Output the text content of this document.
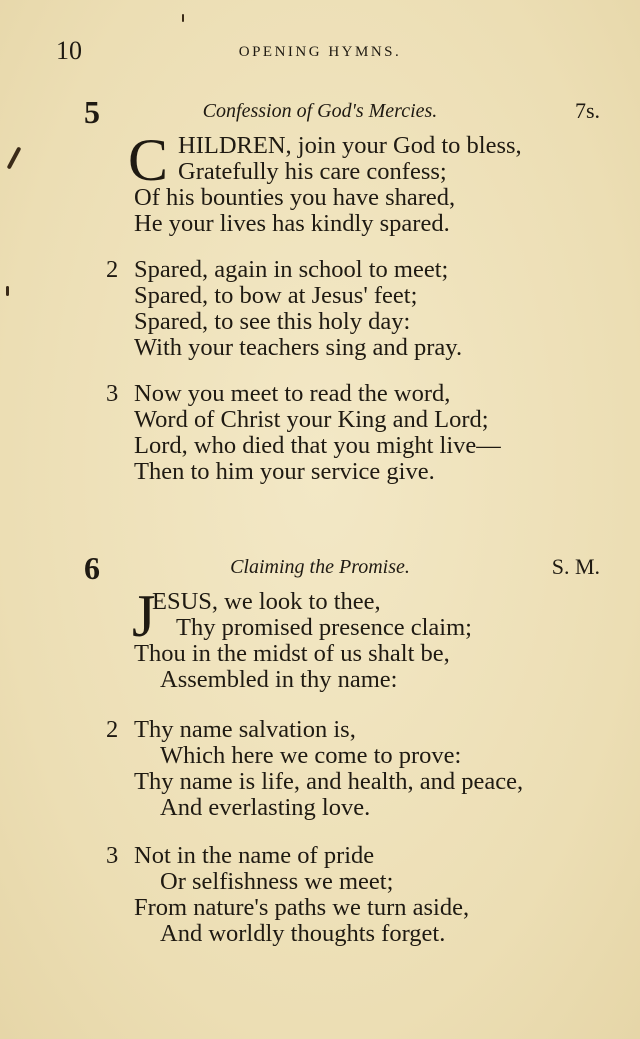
10	OPENING HYMNS.
5	Confession of God's Mercies.	7s.
C HILDREN, join your God to bless,
Gratefully his care confess;
Of his bounties you have shared,
He your lives has kindly spared.
2 Spared, again in school to meet;
Spared, to bow at Jesus' feet;
Spared, to see this holy day:
With your teachers sing and pray.
3 Now you meet to read the word,
Word of Christ your King and Lord;
Lord, who died that you might live—
Then to him your service give.
6	Claiming the Promise.	S. M.
J
ESUS, we look to thee,
Thy promised presence claim;
Thou in the midst of us shalt be,
Assembled in thy name:
2 Thy name salvation is,
Which here we come to prove:
Thy name is life, and health, and peace,
And everlasting love.
3 Not in the name of pride
Or selfishness we meet;
From nature's paths we turn aside,
And worldly thoughts forget.
